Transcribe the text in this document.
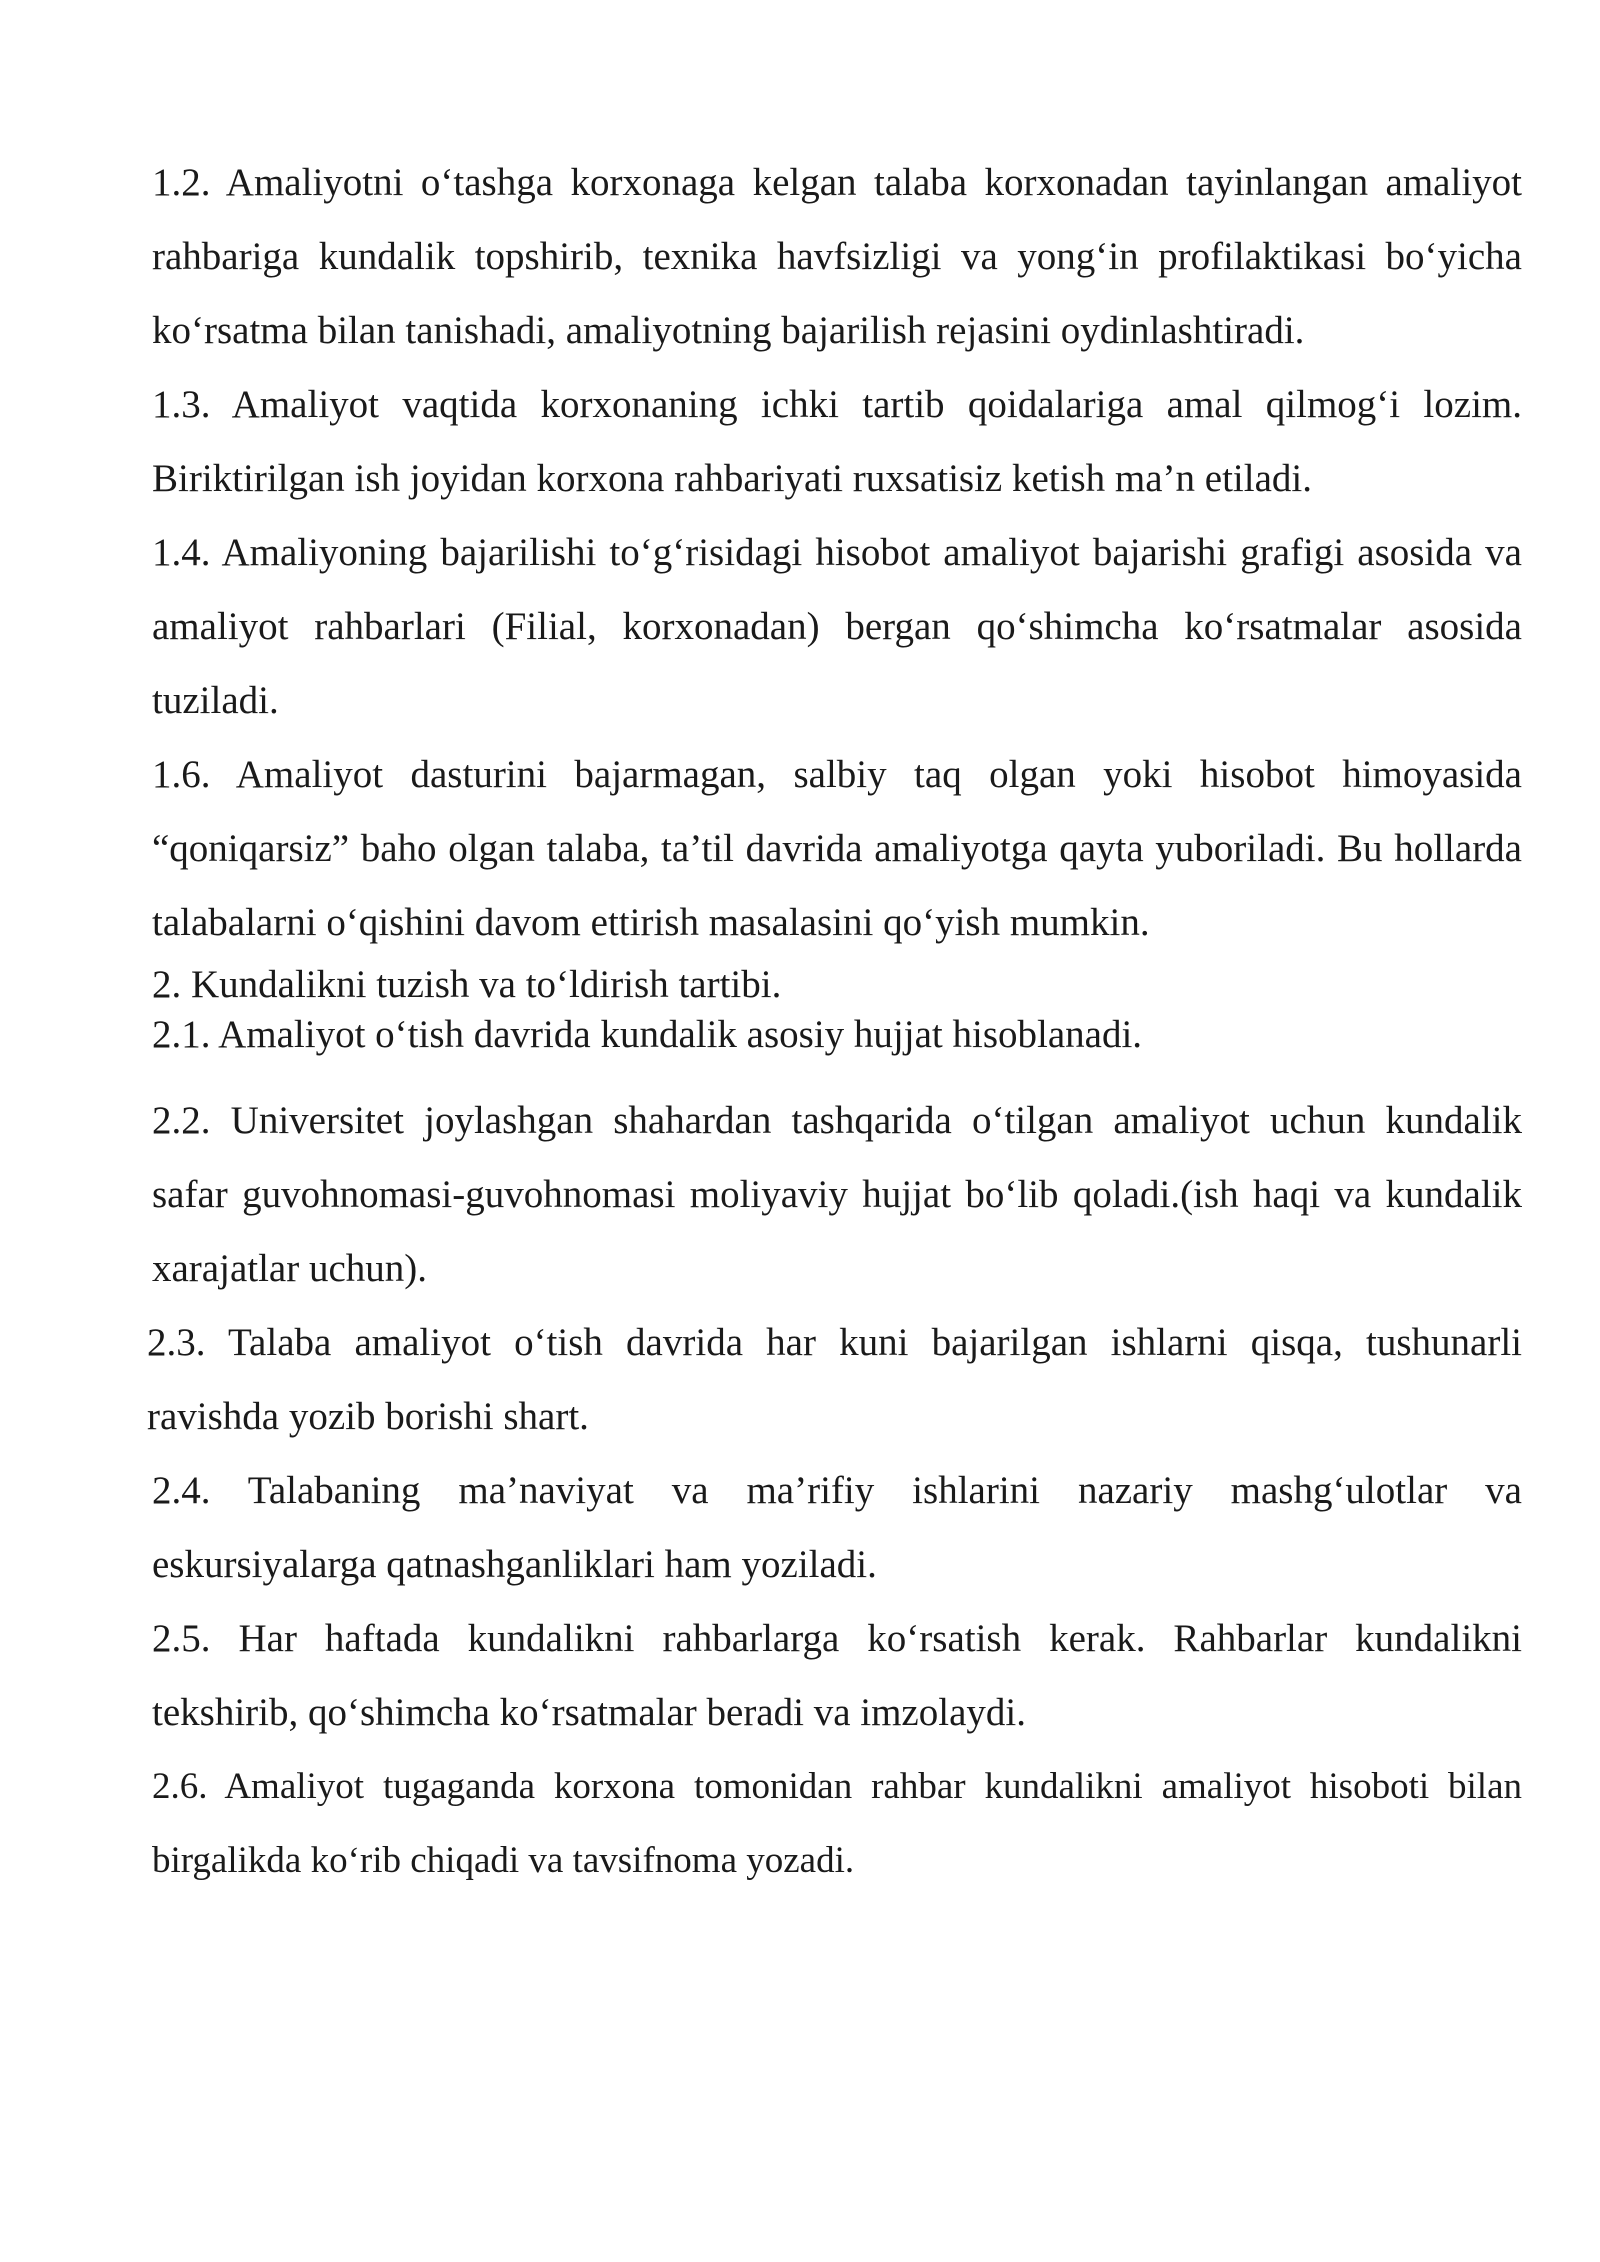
1.2. Amaliyotni o‘tashga korxonaga kelgan talaba korxonadan tayinlangan amaliyot rahbariga kundalik topshirib, texnika havfsizligi va yong‘in profilaktikasi bo‘yicha ko‘rsatma bilan tanishadi, amaliyotning bajarilish rejasini oydinlashtiradi.

1.3. Amaliyot vaqtida korxonaning ichki tartib qoidalariga amal qilmog‘i lozim. Biriktirilgan ish joyidan korxona rahbariyati ruxsatisiz ketish ma’n etiladi.

1.4. Amaliyoning bajarilishi to‘g‘risidagi hisobot amaliyot bajarishi grafigi asosida va amaliyot rahbarlari (Filial, korxonadan) bergan qo‘shimcha ko‘rsatmalar asosida tuziladi.

1.6. Amaliyot dasturini bajarmagan, salbiy taq olgan yoki hisobot himoyasida “qoniqarsiz” baho olgan talaba, ta’til davrida amaliyotga qayta yuboriladi. Bu hollarda talabalarni o‘qishini davom ettirish masalasini qo‘yish mumkin.

2. Kundalikni tuzish va to‘ldirish tartibi.

2.1. Amaliyot o‘tish davrida kundalik asosiy hujjat hisoblanadi.

2.2. Universitet joylashgan shahardan tashqarida o‘tilgan amaliyot uchun kundalik safar guvohnomasi-guvohnomasi moliyaviy hujjat bo‘lib qoladi.(ish haqi va kundalik xarajatlar uchun).

2.3. Talaba amaliyot o‘tish davrida har kuni bajarilgan ishlarni qisqa, tushunarli ravishda yozib borishi shart.

2.4. Talabaning ma’naviyat va ma’rifiy ishlarini nazariy mashg‘ulotlar va eskursiyalarga qatnashganliklari ham yoziladi.

2.5. Har haftada kundalikni rahbarlarga ko‘rsatish kerak. Rahbarlar kundalikni tekshirib, qo‘shimcha ko‘rsatmalar beradi va imzolaydi.

2.6. Amaliyot tugaganda korxona tomonidan rahbar kundalikni amaliyot hisoboti bilan birgalikda ko‘rib chiqadi va tavsifnoma yozadi.
